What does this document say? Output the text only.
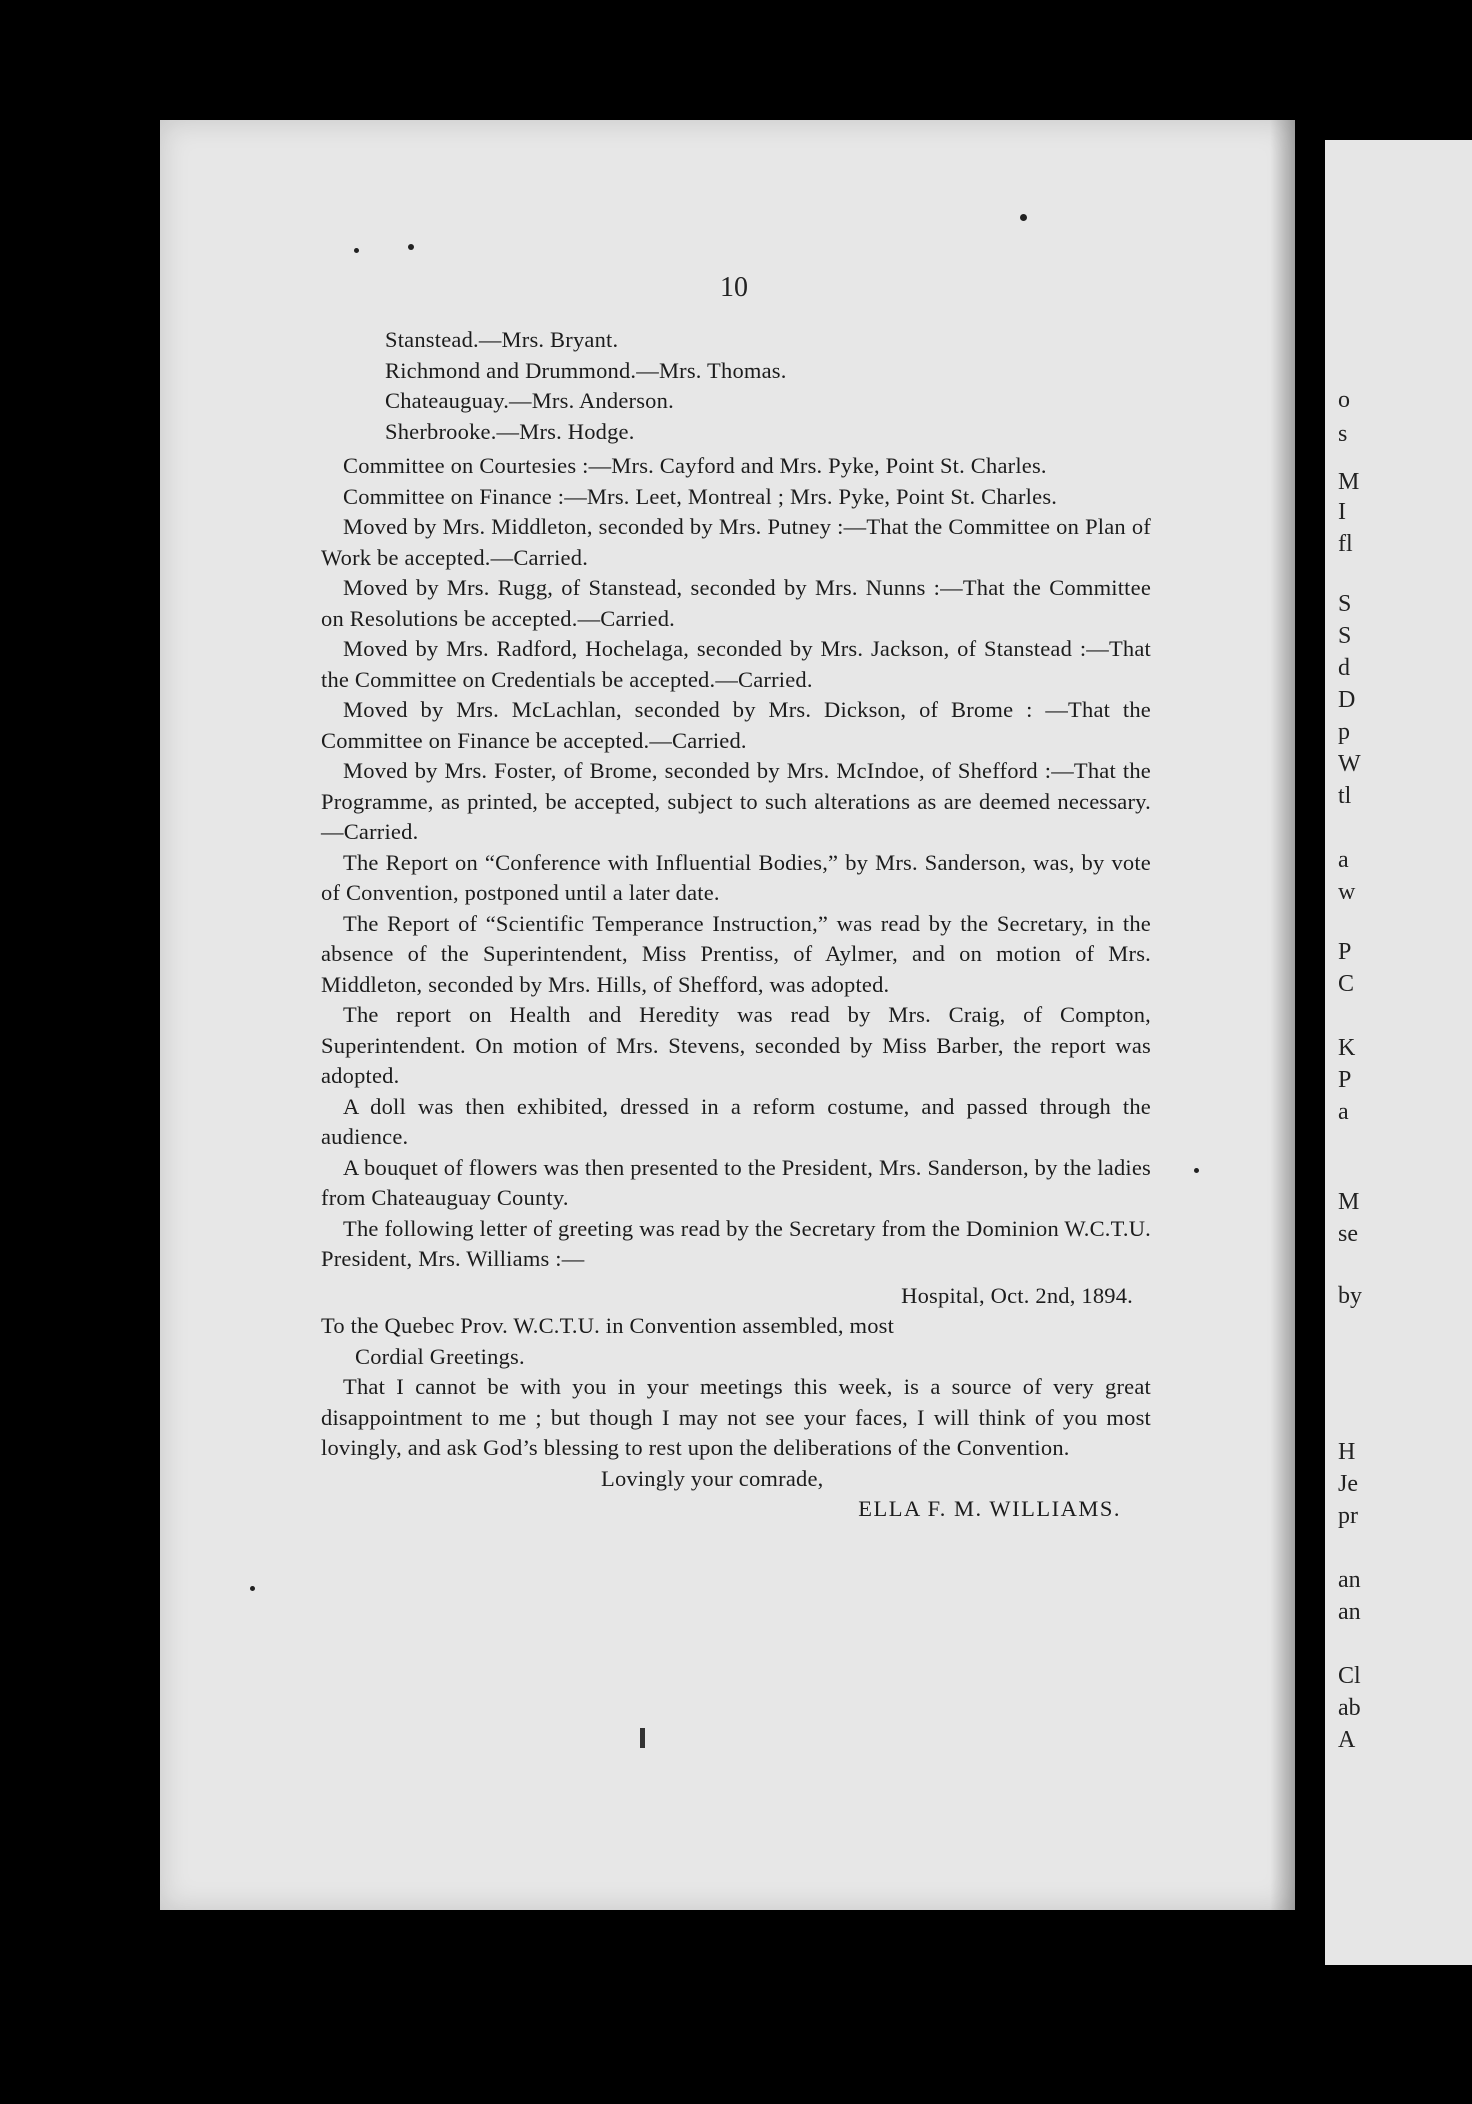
o
s
M
I
fl
S
S
d
D
p
W
tl
a
w
P
C
K
P
a
M
se
by
H
Je
pr
an
an
Cl
ab
A
10
Stanstead.—Mrs. Bryant.
Richmond and Drummond.—Mrs. Thomas.
Chateauguay.—Mrs. Anderson.
Sherbrooke.—Mrs. Hodge.

Committee on Courtesies :—Mrs. Cayford and Mrs. Pyke, Point St. Charles.

Committee on Finance :—Mrs. Leet, Montreal ; Mrs. Pyke, Point St. Charles.

Moved by Mrs. Middleton, seconded by Mrs. Putney :—That the Committee on Plan of Work be accepted.—Carried.

Moved by Mrs. Rugg, of Stanstead, seconded by Mrs. Nunns :—That the Committee on Resolutions be accepted.—Carried.

Moved by Mrs. Radford, Hochelaga, seconded by Mrs. Jackson, of Stanstead :—That the Committee on Credentials be accepted.—Carried.

Moved by Mrs. McLachlan, seconded by Mrs. Dickson, of Brome : —That the Committee on Finance be accepted.—Carried.

Moved by Mrs. Foster, of Brome, seconded by Mrs. McIndoe, of Shefford :—That the Programme, as printed, be accepted, subject to such alterations as are deemed necessary.—Carried.

The Report on “Conference with Influential Bodies,” by Mrs. Sanderson, was, by vote of Convention, postponed until a later date.

The Report of “Scientific Temperance Instruction,” was read by the Secretary, in the absence of the Superintendent, Miss Prentiss, of Aylmer, and on motion of Mrs. Middleton, seconded by Mrs. Hills, of Shefford, was adopted.

The report on Health and Heredity was read by Mrs. Craig, of Compton, Superintendent. On motion of Mrs. Stevens, seconded by Miss Barber, the report was adopted.

A doll was then exhibited, dressed in a reform costume, and passed through the audience.

A bouquet of flowers was then presented to the President, Mrs. Sanderson, by the ladies from Chateauguay County.

The following letter of greeting was read by the Secretary from the Dominion W.C.T.U. President, Mrs. Williams :—

Hospital, Oct. 2nd, 1894.

To the Quebec Prov. W.C.T.U. in Convention assembled, most

Cordial Greetings.

That I cannot be with you in your meetings this week, is a source of very great disappointment to me ; but though I may not see your faces, I will think of you most lovingly, and ask God’s blessing to rest upon the deliberations of the Convention.

Lovingly your comrade,

ELLA F. M. WILLIAMS.
